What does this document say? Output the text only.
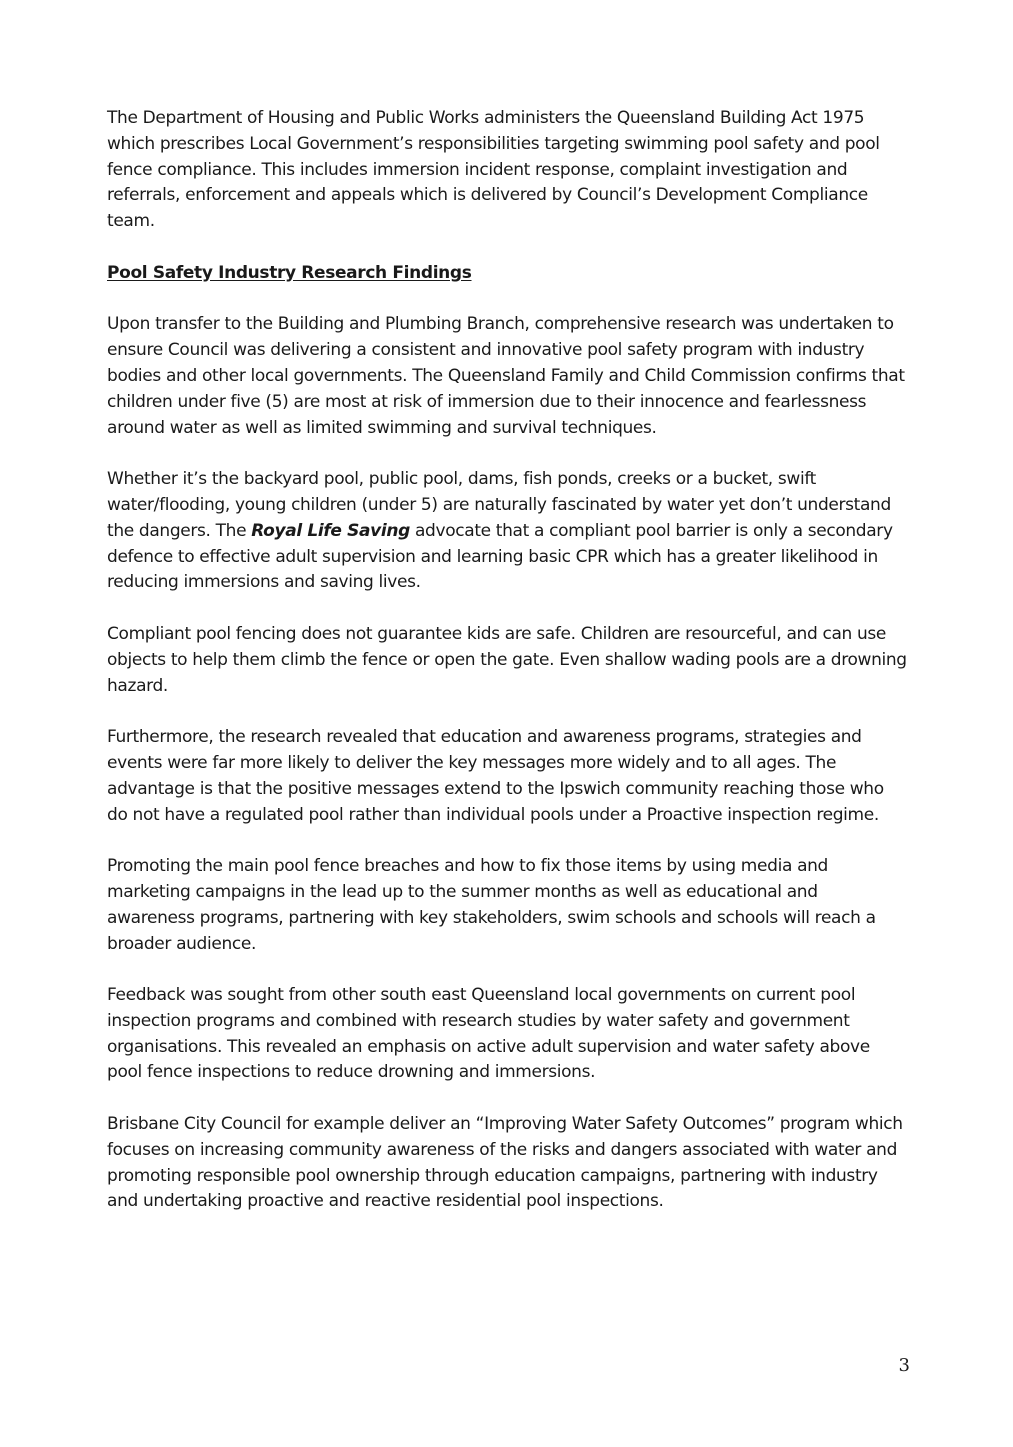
The Department of Housing and Public Works administers the Queensland Building Act 1975 which prescribes Local Government’s responsibilities targeting swimming pool safety and pool fence compliance. This includes immersion incident response, complaint investigation and referrals, enforcement and appeals which is delivered by Council’s Development Compliance team.

Pool Safety Industry Research Findings

Upon transfer to the Building and Plumbing Branch, comprehensive research was undertaken to ensure Council was delivering a consistent and innovative pool safety program with industry bodies and other local governments. The Queensland Family and Child Commission confirms that children under five (5) are most at risk of immersion due to their innocence and fearlessness around water as well as limited swimming and survival techniques.

Whether it’s the backyard pool, public pool, dams, fish ponds, creeks or a bucket, swift water/flooding, young children (under 5) are naturally fascinated by water yet don’t understand the dangers. The Royal Life Saving advocate that a compliant pool barrier is only a secondary defence to effective adult supervision and learning basic CPR which has a greater likelihood in reducing immersions and saving lives.

Compliant pool fencing does not guarantee kids are safe. Children are resourceful, and can use objects to help them climb the fence or open the gate. Even shallow wading pools are a drowning hazard.

Furthermore, the research revealed that education and awareness programs, strategies and events were far more likely to deliver the key messages more widely and to all ages. The advantage is that the positive messages extend to the Ipswich community reaching those who do not have a regulated pool rather than individual pools under a Proactive inspection regime.

Promoting the main pool fence breaches and how to fix those items by using media and marketing campaigns in the lead up to the summer months as well as educational and awareness programs, partnering with key stakeholders, swim schools and schools will reach a broader audience.

Feedback was sought from other south east Queensland local governments on current pool inspection programs and combined with research studies by water safety and government organisations. This revealed an emphasis on active adult supervision and water safety above pool fence inspections to reduce drowning and immersions.

Brisbane City Council for example deliver an “Improving Water Safety Outcomes” program which focuses on increasing community awareness of the risks and dangers associated with water and promoting responsible pool ownership through education campaigns, partnering with industry and undertaking proactive and reactive residential pool inspections.

3
